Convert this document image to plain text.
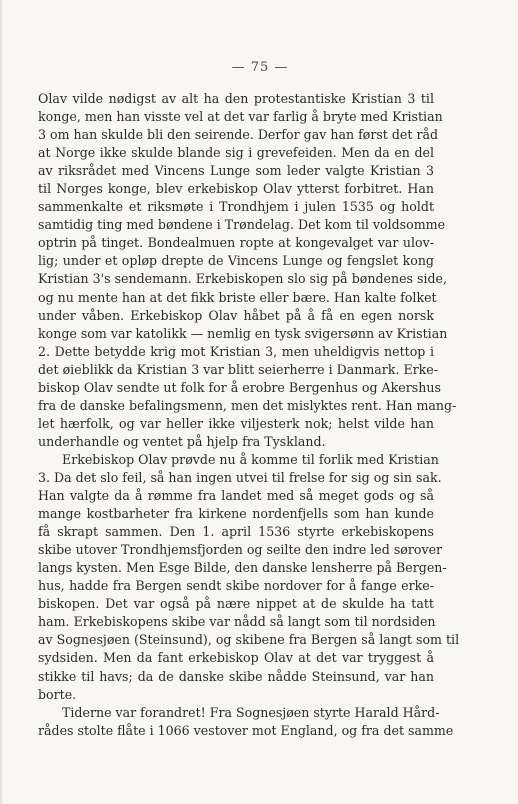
— 75 —
Olav vilde nødigst av alt ha den protestantiske Kristian 3 til
konge, men han visste vel at det var farlig å bryte med Kristian
3 om han skulde bli den seirende. Derfor gav han først det råd
at Norge ikke skulde blande sig i grevefeiden. Men da en del
av riksrådet med Vincens Lunge som leder valgte Kristian 3
til Norges konge, blev erkebiskop Olav ytterst forbitret. Han
sammenkalte et riksmøte i Trondhjem i julen 1535 og holdt
samtidig ting med bøndene i Trøndelag. Det kom til voldsomme
optrin på tinget. Bondealmuen ropte at kongevalget var ulov-
lig; under et opløp drepte de Vincens Lunge og fengslet kong
Kristian 3's sendemann. Erkebiskopen slo sig på bøndenes side,
og nu mente han at det fikk briste eller bære. Han kalte folket
under våben. Erkebiskop Olav håbet på å få en egen norsk
konge som var katolikk — nemlig en tysk svigersønn av Kristian
2. Dette betydde krig mot Kristian 3, men uheldigvis nettop i
det øieblikk da Kristian 3 var blitt seierherre i Danmark. Erke-
biskop Olav sendte ut folk for å erobre Bergenhus og Akershus
fra de danske befalingsmenn, men det mislyktes rent. Han mang-
let hærfolk, og var heller ikke viljesterk nok; helst vilde han
underhandle og ventet på hjelp fra Tyskland.
Erkebiskop Olav prøvde nu å komme til forlik med Kristian
3. Da det slo feil, så han ingen utvei til frelse for sig og sin sak.
Han valgte da å rømme fra landet med så meget gods og så
mange kostbarheter fra kirkene nordenfjells som han kunde
få skrapt sammen. Den 1. april 1536 styrte erkebiskopens
skibe utover Trondhjemsfjorden og seilte den indre led sørover
langs kysten. Men Esge Bilde, den danske lensherre på Bergen-
hus, hadde fra Bergen sendt skibe nordover for å fange erke-
biskopen. Det var også på nære nippet at de skulde ha tatt
ham. Erkebiskopens skibe var nådd så langt som til nordsiden
av Sognesjøen (Steinsund), og skibene fra Bergen så langt som til
sydsiden. Men da fant erkebiskop Olav at det var tryggest å
stikke til havs; da de danske skibe nådde Steinsund, var han
borte.
Tiderne var forandret! Fra Sognesjøen styrte Harald Hård-
rådes stolte flåte i 1066 vestover mot England, og fra det samme
